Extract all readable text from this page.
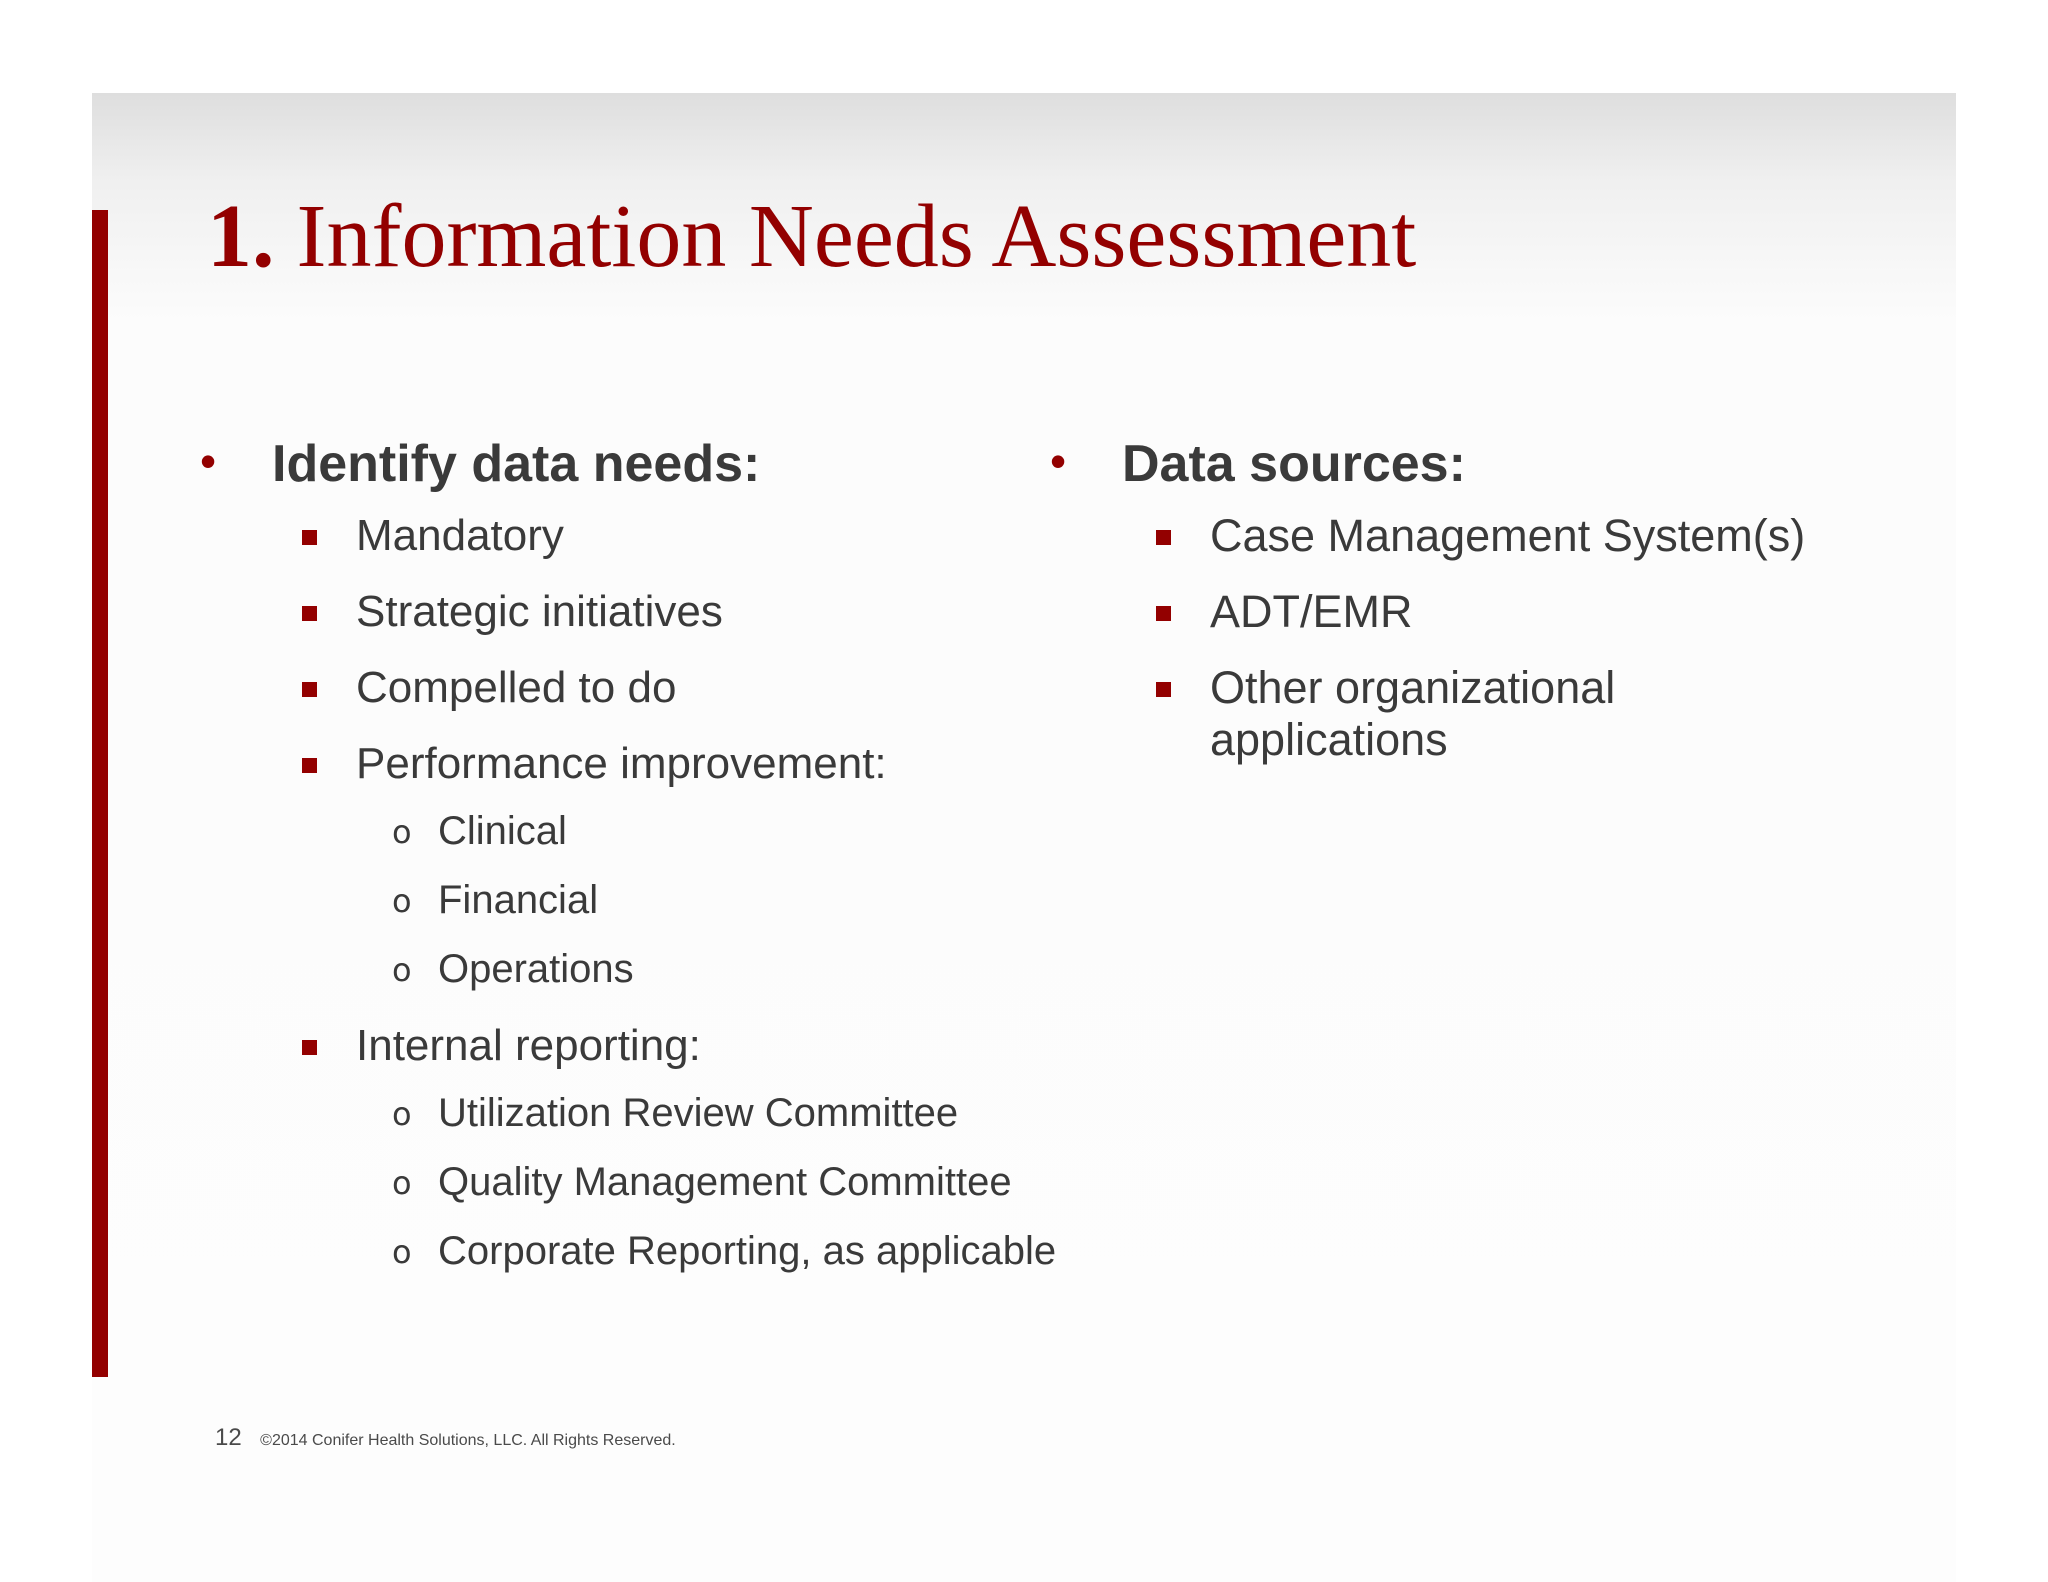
1. Information Needs Assessment
•	Identify data needs:
Mandatory
Strategic initiatives
Compelled to do
Performance improvement:
o Clinical
o Financial
o Operations
Internal reporting:
o Utilization Review Committee
o Quality Management Committee
o Corporate Reporting, as applicable
•	Data sources:
Case Management System(s)
ADT/EMR
Other organizational applications
12 ©2014 Conifer Health Solutions, LLC. All Rights Reserved.
